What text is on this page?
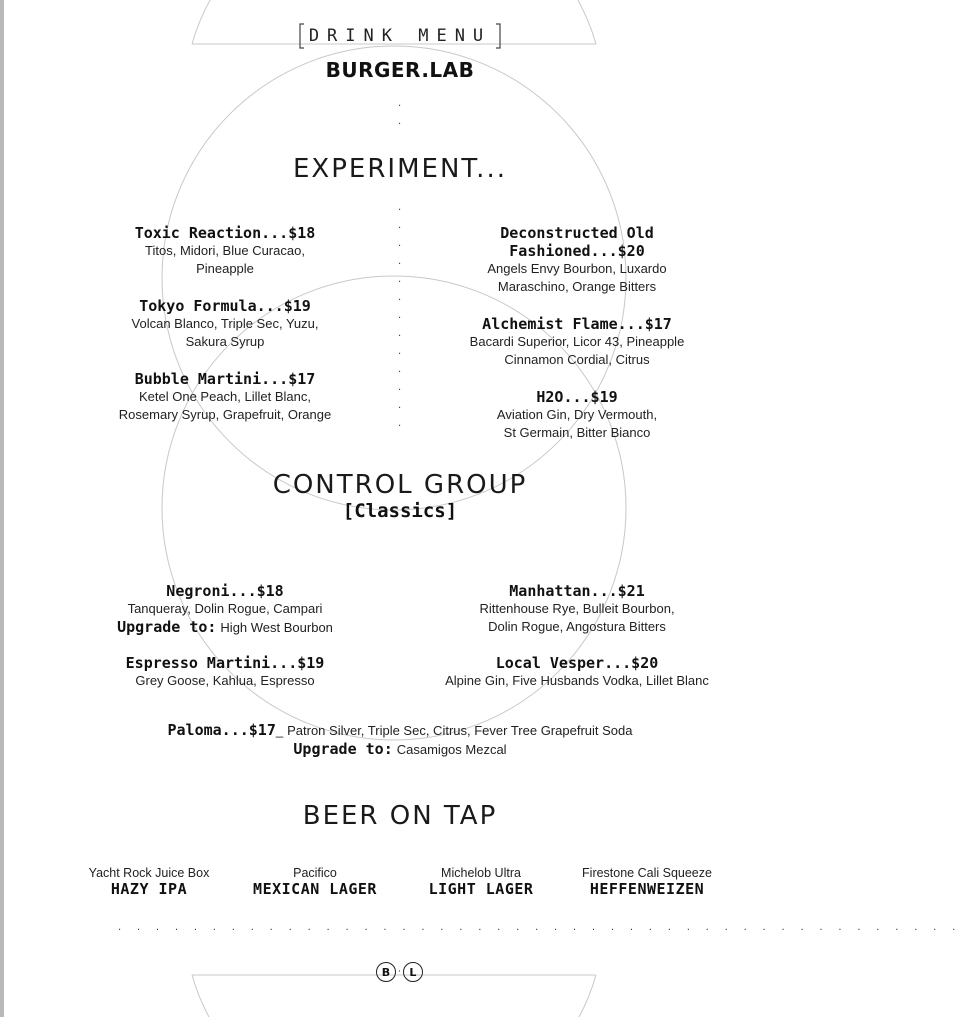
DRINK MENU
BURGER.LAB
·
·
EXPERIMENT...
·
·
·
·
·
·
·
·
·
·
·
·
·
Toxic Reaction...$18
Titos, Midori, Blue Curacao,
Pineapple
Tokyo Formula...$19
Volcan Blanco, Triple Sec, Yuzu,
Sakura Syrup
Bubble Martini...$17
Ketel One Peach, Lillet Blanc,
Rosemary Syrup, Grapefruit, Orange
Deconstructed Old
Fashioned...$20
Angels Envy Bourbon, Luxardo
Maraschino, Orange Bitters
Alchemist Flame...$17
Bacardi Superior, Licor 43, Pineapple
Cinnamon Cordial, Citrus
H2O...$19
Aviation Gin, Dry Vermouth,
St Germain, Bitter Bianco
CONTROL GROUP
[Classics]
Negroni...$18
Tanqueray, Dolin Rogue, Campari
Upgrade to: High West Bourbon
Espresso Martini...$19
Grey Goose, Kahlua, Espresso
Manhattan...$21
Rittenhouse Rye, Bulleit Bourbon,
Dolin Rogue, Angostura Bitters
Local Vesper...$20
Alpine Gin, Five Husbands Vodka, Lillet Blanc
Paloma...$17_ Patron Silver, Triple Sec, Citrus, Fever Tree Grapefruit Soda
Upgrade to: Casamigos Mezcal
BEER ON TAP
Yacht Rock Juice Box
HAZY IPA
Pacifico
MEXICAN LAGER
Michelob Ultra
LIGHT LAGER
Firestone Cali Squeeze
HEFFENWEIZEN
· · · · · · · · · · · · · · · · · · · · · · · · · · · · · · · · · · · · · · · · · · · · ·
B · L
